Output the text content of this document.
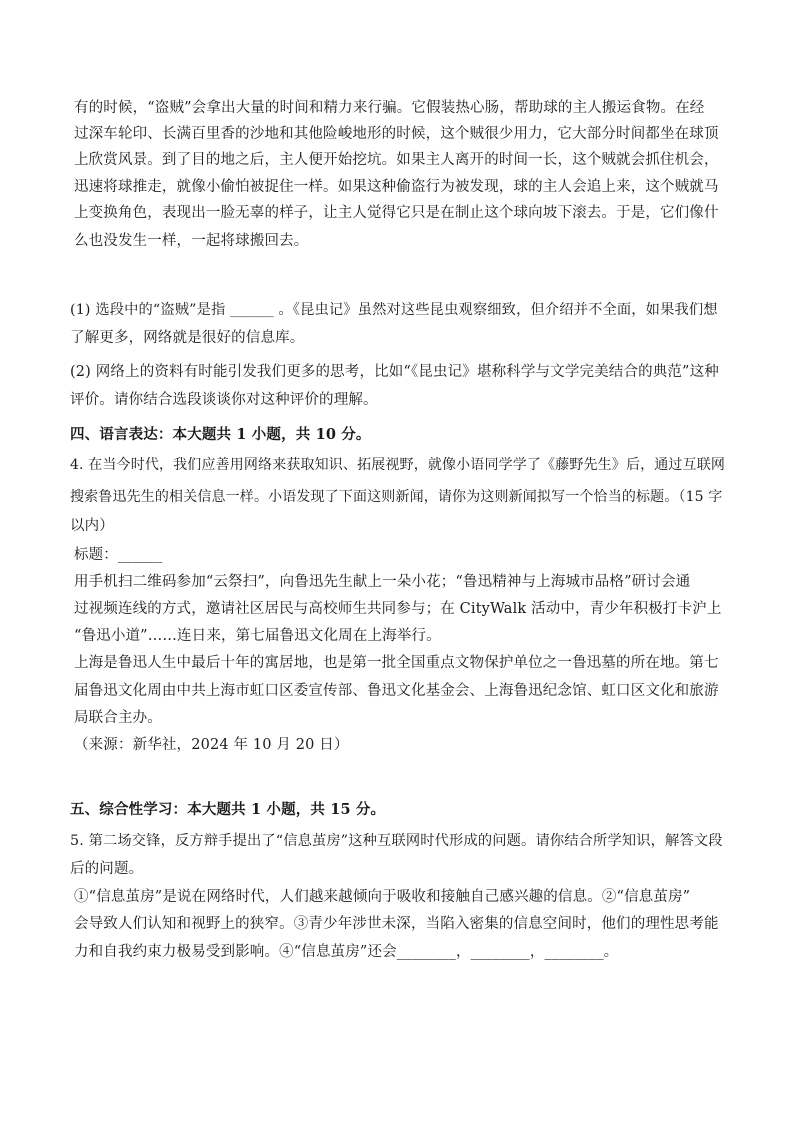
有的时候，“盗贼”会拿出大量的时间和精力来行骗。它假装热心肠，帮助球的主人搬运食物。在经
过深车轮印、长满百里香的沙地和其他险峻地形的时候，这个贼很少用力，它大部分时间都坐在球顶
上欣赏风景。到了目的地之后，主人便开始挖坑。如果主人离开的时间一长，这个贼就会抓住机会，
迅速将球推走，就像小偷怕被捉住一样。如果这种偷盗行为被发现，球的主人会追上来，这个贼就马
上变换角色，表现出一脸无辜的样子，让主人觉得它只是在制止这个球向坡下滚去。于是，它们像什
么也没发生一样，一起将球搬回去。
(1) 选段中的“盗贼”是指 ______ 。《昆虫记》虽然对这些昆虫观察细致，但介绍并不全面，如果我们想
了解更多，网络就是很好的信息库。
(2) 网络上的资料有时能引发我们更多的思考，比如“《昆虫记》堪称科学与文学完美结合的典范”这种
评价。请你结合选段谈谈你对这种评价的理解。
四、语言表达：本大题共 1 小题，共 10 分。
4. 在当今时代，我们应善用网络来获取知识、拓展视野，就像小语同学学了《藤野先生》后，通过互联网
搜索鲁迅先生的相关信息一样。小语发现了下面这则新闻，请你为这则新闻拟写一个恰当的标题。（15 字
以内）
标题：______
用手机扫二维码参加“云祭扫”，向鲁迅先生献上一朵小花；“鲁迅精神与上海城市品格”研讨会通
过视频连线的方式，邀请社区居民与高校师生共同参与；在 CityWalk 活动中，青少年积极打卡沪上
“鲁迅小道”……连日来，第七届鲁迅文化周在上海举行。
上海是鲁迅人生中最后十年的寓居地，也是第一批全国重点文物保护单位之一鲁迅墓的所在地。第七
届鲁迅文化周由中共上海市虹口区委宣传部、鲁迅文化基金会、上海鲁迅纪念馆、虹口区文化和旅游
局联合主办。
（来源：新华社，2024 年 10 月 20 日）
五、综合性学习：本大题共 1 小题，共 15 分。
5. 第二场交锋，反方辩手提出了“信息茧房”这种互联网时代形成的问题。请你结合所学知识，解答文段
后的问题。
①“信息茧房”是说在网络时代，人们越来越倾向于吸收和接触自己感兴趣的信息。②“信息茧房”
会导致人们认知和视野上的狭窄。③青少年涉世未深，当陷入密集的信息空间时，他们的理性思考能
力和自我约束力极易受到影响。④“信息茧房”还会________，________，________。
